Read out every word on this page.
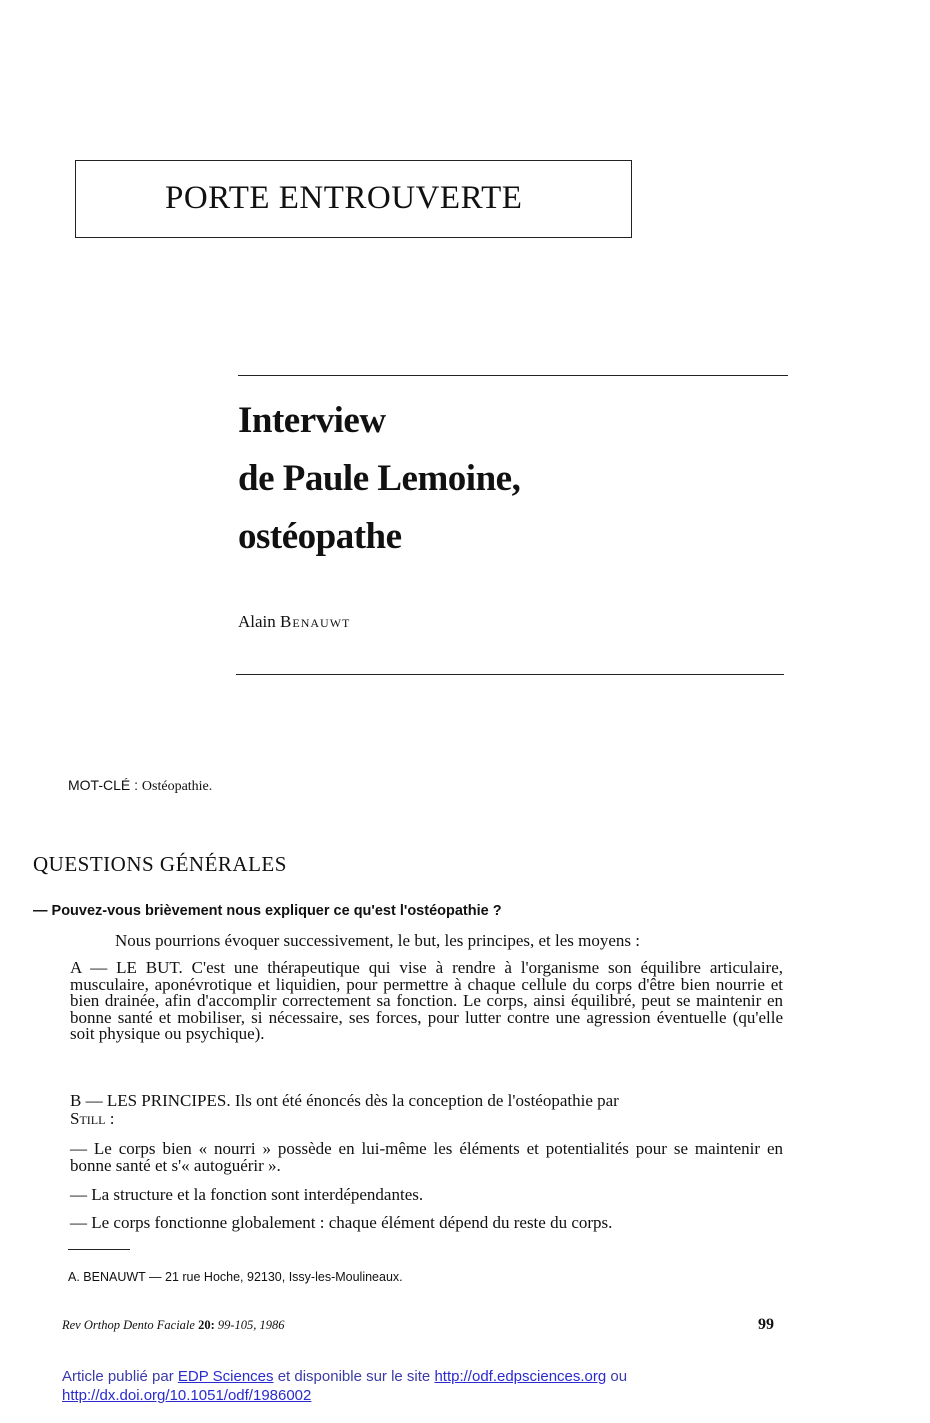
PORTE ENTROUVERTE
Interview
de Paule Lemoine,
ostéopathe
Alain Benauwt
MOT-CLÉ : Ostéopathie.
QUESTIONS GÉNÉRALES
— Pouvez-vous brièvement nous expliquer ce qu'est l'ostéopathie ?
Nous pourrions évoquer successivement, le but, les principes, et les moyens :
A — LE BUT. C'est une thérapeutique qui vise à rendre à l'organisme son équilibre articulaire, musculaire, aponévrotique et liquidien, pour permettre à chaque cellule du corps d'être bien nourrie et bien drainée, afin d'accomplir correctement sa fonction. Le corps, ainsi équilibré, peut se maintenir en bonne santé et mobiliser, si nécessaire, ses forces, pour lutter contre une agression éventuelle (qu'elle soit physique ou psychique).
B — LES PRINCIPES. Ils ont été énoncés dès la conception de l'ostéopathie par
Still :
— Le corps bien « nourri » possède en lui-même les éléments et potentialités pour se maintenir en bonne santé et s'« autoguérir ».
— La structure et la fonction sont interdépendantes.
— Le corps fonctionne globalement : chaque élément dépend du reste du corps.
A. BENAUWT — 21 rue Hoche, 92130, Issy-les-Moulineaux.
Rev Orthop Dento Faciale 20: 99-105, 1986	99
Article publié par EDP Sciences et disponible sur le site http://odf.edpsciences.org ou
http://dx.doi.org/10.1051/odf/1986002
